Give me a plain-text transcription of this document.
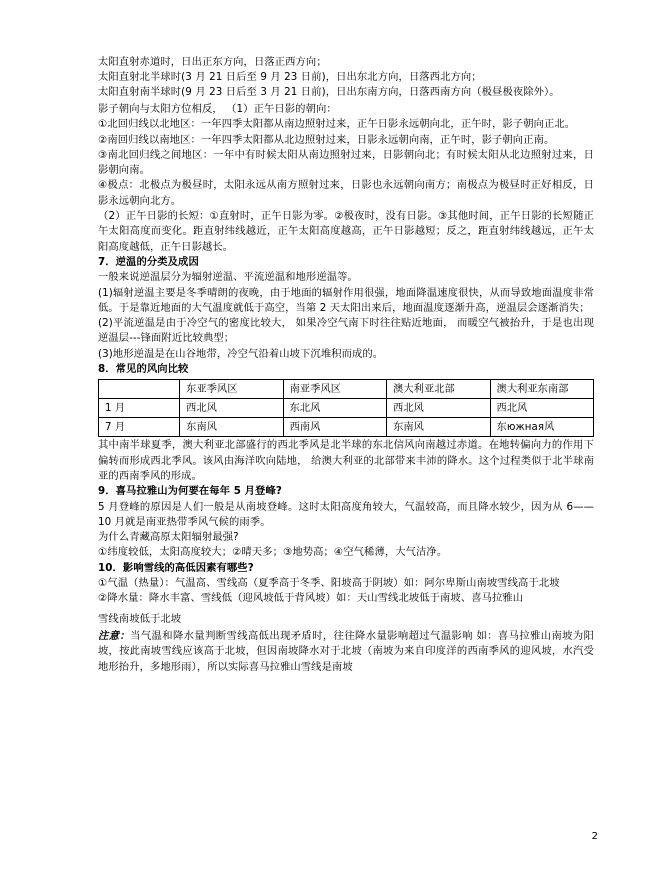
太阳直射赤道时，日出正东方向，日落正西方向；

太阳直射北半球时(3 月 21 日后至 9 月 23 日前)，日出东北方向，日落西北方向；

太阳直射南半球时(9 月 23 日后至 3 月 21 日前)，日出东南方向，日落西南方向（极昼极夜除外）。

影子朝向与太阳方位相反， （1）正午日影的朝向：

①北回归线以北地区：一年四季太阳都从南边照射过来，正午日影永远朝向北，正午时，影子朝向正北。

②南回归线以南地区：一年四季太阳都从北边照射过来，日影永远朝向南，正午时，影子朝向正南。

③南北回归线之间地区：一年中有时候太阳从南边照射过来，日影朝向北；有时候太阳从北边照射过来，日影朝向南。

④极点：北极点为极昼时，太阳永远从南方照射过来，日影也永远朝向南方；南极点为极昼时正好相反，日影永远朝向北方。

（2）正午日影的长短：①直射时，正午日影为零。②极夜时，没有日影。③其他时间，正午日影的长短随正午太阳高度而变化。距直射纬线越近，正午太阳高度越高，正午日影越短；反之，距直射纬线越远，正午太阳高度越低，正午日影越长。

7．逆温的分类及成因

一般来说逆温层分为辐射逆温、平流逆温和地形逆温等。

(1)辐射逆温主要是冬季晴朗的夜晚，由于地面的辐射作用很强，地面降温速度很快，从而导致地面温度非常低。于是靠近地面的大气温度就低于高空，当第 2 天太阳出来后，地面温度逐渐升高，逆温层会逐渐消失；

(2)平流逆温是由于冷空气的密度比较大， 如果冷空气南下时往往贴近地面， 而暖空气被抬升，于是也出现逆温层---锋面附近比较典型；

(3)地形逆温是在山谷地带，冷空气沿着山坡下沉堆积而成的。

8．常见的风向比较

	东亚季风区	南亚季风区	澳大利亚北部	澳大利亚东南部
1 月	西北风	东北风	西北风	西北风
7 月	东南风	西南风	东南风	东южная风

其中南半球夏季，澳大利亚北部盛行的西北季风是北半球的东北信风向南越过赤道。在地转偏向力的作用下偏转而形成西北季风。该风由海洋吹向陆地， 给澳大利亚的北部带来丰沛的降水。这个过程类似于北半球南亚的西南季风的形成。

9．喜马拉雅山为何要在每年 5 月登峰?

5 月登峰的原因是人们一般是从南坡登峰。这时太阳高度角较大，气温较高，而且降水较少，因为从 6——10 月就是南亚热带季风气候的雨季。

为什么青藏高原太阳辐射最强?

①纬度较低，太阳高度较大；②晴天多；③地势高；④空气稀薄，大气洁净。

10．影响雪线的高低因素有哪些?

①气温（热量）：气温高、雪线高（夏季高于冬季、阳坡高于阴坡）如：阿尔卑斯山南坡雪线高于北坡

②降水量：降水丰富、雪线低（迎风坡低于背风坡）如：天山雪线北坡低于南坡、喜马拉雅山

雪线南坡低于北坡

注意：当气温和降水量判断雪线高低出现矛盾时，往往降水量影响超过气温影响 如：喜马拉雅山南坡为阳坡，按此南坡雪线应该高于北坡，但因南坡降水对于北坡（南坡为来自印度洋的西南季风的迎风坡，水汽受地形抬升，多地形雨），所以实际喜马拉雅山雪线是南坡

2
